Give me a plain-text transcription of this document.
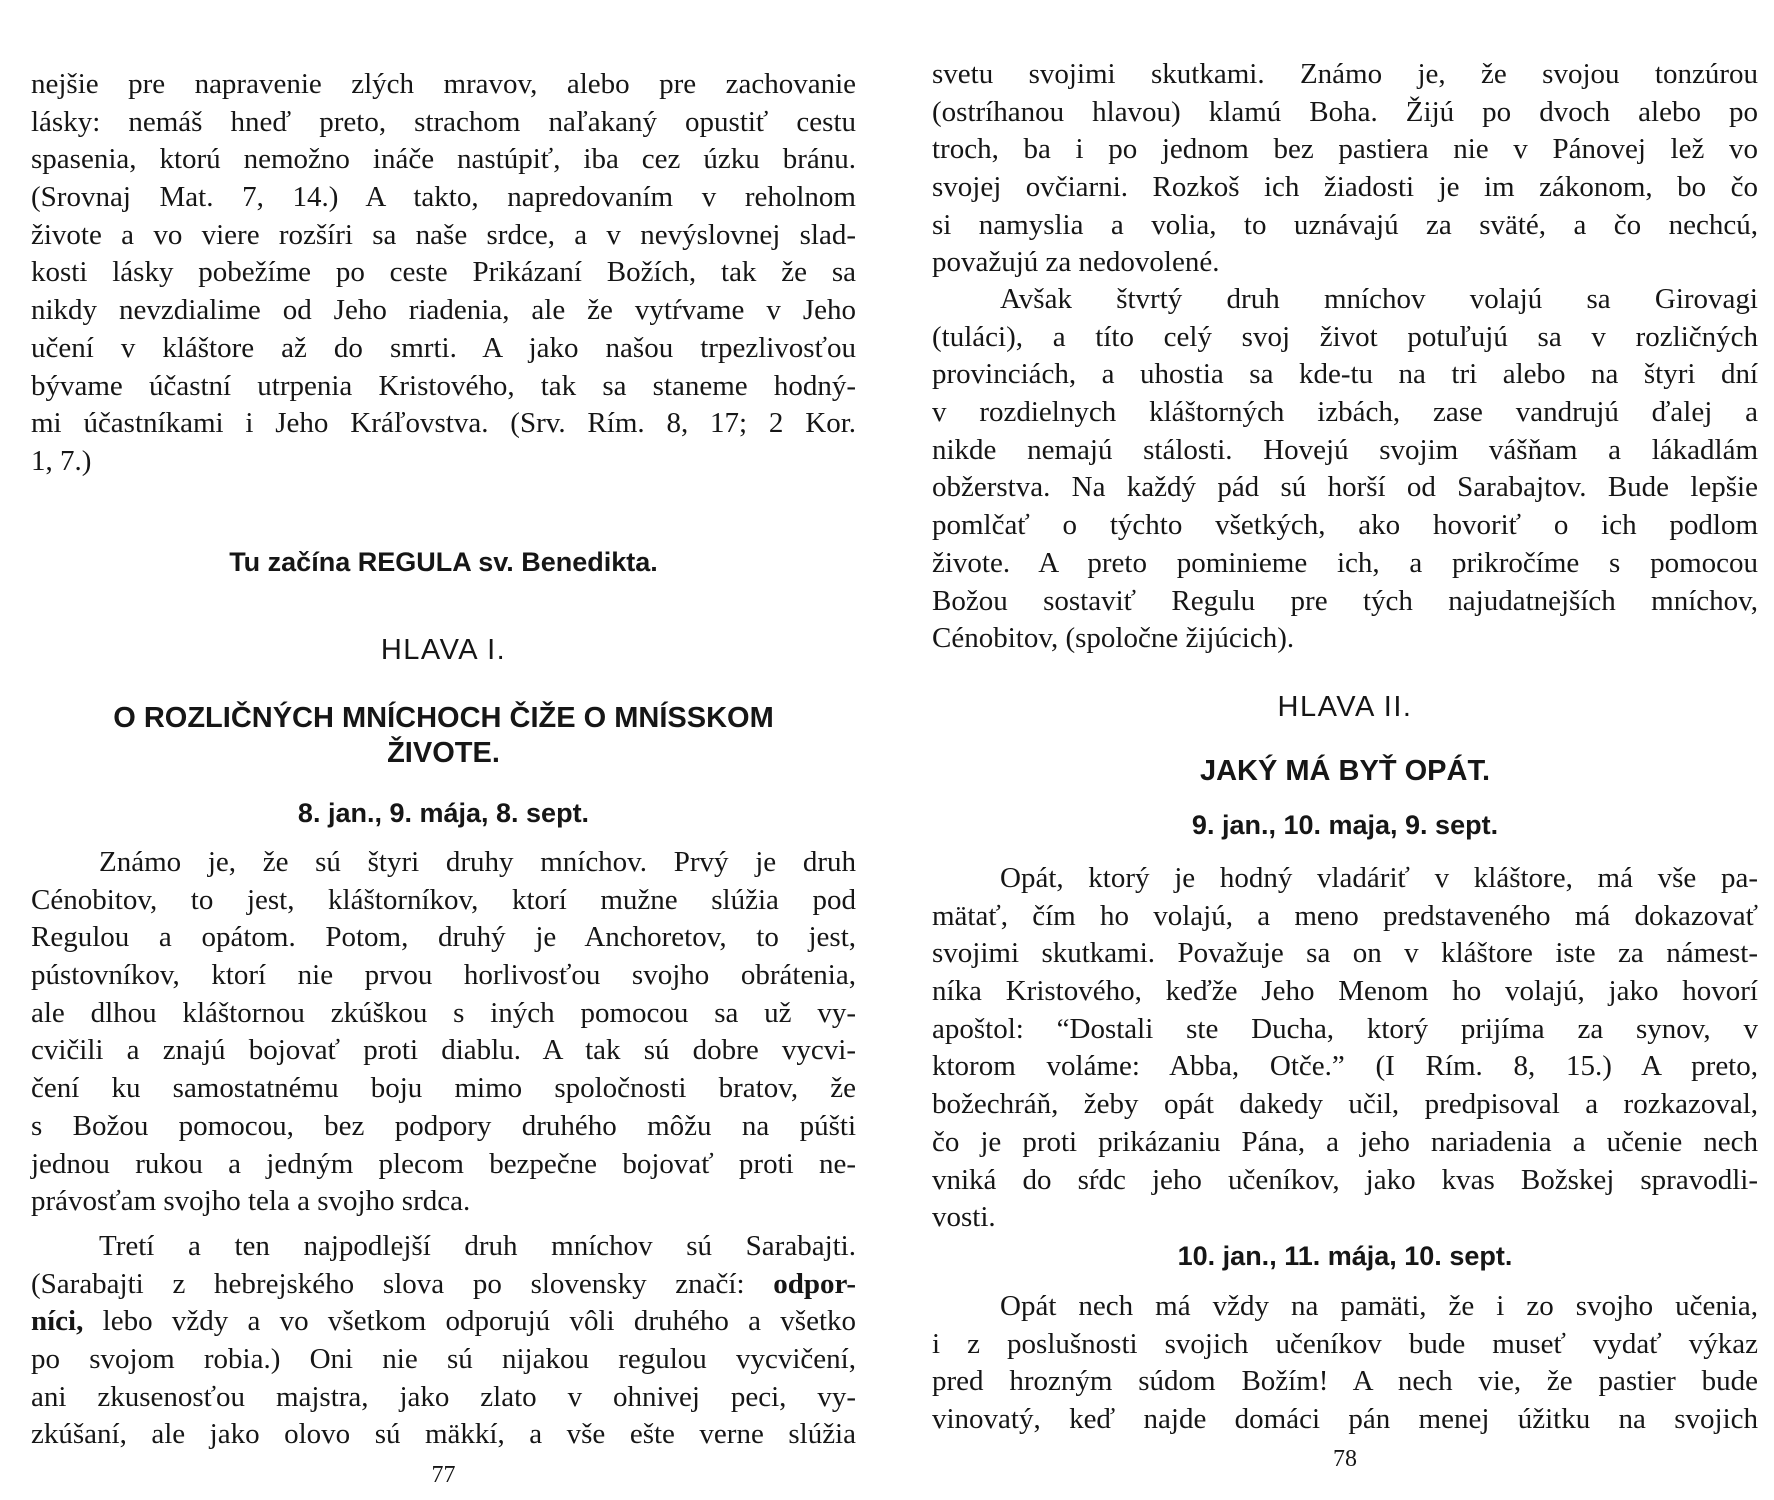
nejšie pre napravenie zlých mravov, alebo pre zachovanie
lásky: nemáš hneď preto, strachom naľakaný opustiť cestu
spasenia, ktorú nemožno ináče nastúpiť, iba cez úzku bránu.
(Srovnaj Mat. 7, 14.) A takto, napredovaním v reholnom
živote a vo viere rozšíri sa naše srdce, a v nevýslovnej slad-
kosti lásky pobežíme po ceste Prikázaní Božích, tak že sa
nikdy nevzdialime od Jeho riadenia, ale že vytŕvame v Jeho
učení v kláštore až do smrti. A jako našou trpezlivosťou
bývame účastní utrpenia Kristového, tak sa staneme hodný-
mi účastníkami i Jeho Kráľovstva. (Srv. Rím. 8, 17; 2 Kor.
1, 7.)
Tu začína REGULA sv. Benedikta.
HLAVA I.
O ROZLIČNÝCH MNÍCHOCH ČIŽE O MNÍSSKOM
ŽIVOTE.
8. jan., 9. mája, 8. sept.
Známo je, že sú štyri druhy mníchov. Prvý je druh
Cénobitov, to jest, kláštorníkov, ktorí mužne slúžia pod
Regulou a opátom. Potom, druhý je Anchoretov, to jest,
pústovníkov, ktorí nie prvou horlivosťou svojho obrátenia,
ale dlhou kláštornou zkúškou s iných pomocou sa už vy-
cvičili a znajú bojovať proti diablu. A tak sú dobre vycvi-
čení ku samostatnému boju mimo spoločnosti bratov, že
s Božou pomocou, bez podpory druhého môžu na púšti
jednou rukou a jedným plecom bezpečne bojovať proti ne-
právosťam svojho tela a svojho srdca.
Tretí a ten najpodlejší druh mníchov sú Sarabajti.
(Sarabajti z hebrejského slova po slovensky značí: odpor-
níci, lebo vždy a vo všetkom odporujú vôli druhého a všetko
po svojom robia.) Oni nie sú nijakou regulou vycvičení,
ani zkusenosťou majstra, jako zlato v ohnivej peci, vy-
zkúšaní, ale jako olovo sú mäkkí, a vše ešte verne slúžia
77
svetu svojimi skutkami. Známo je, že svojou tonzúrou
(ostríhanou hlavou) klamú Boha. Žijú po dvoch alebo po
troch, ba i po jednom bez pastiera nie v Pánovej lež vo
svojej ovčiarni. Rozkoš ich žiadosti je im zákonom, bo čo
si namyslia a volia, to uznávajú za sväté, a čo nechcú,
považujú za nedovolené.
Avšak štvrtý druh mníchov volajú sa Girovagi
(tuláci), a títo celý svoj život potuľujú sa v rozličných
provinciách, a uhostia sa kde-tu na tri alebo na štyri dní
v rozdielnych kláštorných izbách, zase vandrujú ďalej a
nikde nemajú stálosti. Hovejú svojim vášňam a lákadlám
obžerstva. Na každý pád sú horší od Sarabajtov. Bude lepšie
pomlčať o týchto všetkých, ako hovoriť o ich podlom
živote. A preto pominieme ich, a prikročíme s pomocou
Božou sostaviť Regulu pre tých najudatnejších mníchov,
Cénobitov, (spoločne žijúcich).
HLAVA II.
JAKÝ MÁ BYŤ OPÁT.
9. jan., 10. maja, 9. sept.
Opát, ktorý je hodný vladáriť v kláštore, má vše pa-
mätať, čím ho volajú, a meno predstaveného má dokazovať
svojimi skutkami. Považuje sa on v kláštore iste za námest-
níka Kristového, keďže Jeho Menom ho volajú, jako hovorí
apoštol: “Dostali ste Ducha, ktorý prijíma za synov, v
ktorom voláme: Abba, Otče.” (I Rím. 8, 15.) A preto,
božechráň, žeby opát dakedy učil, predpisoval a rozkazoval,
čo je proti prikázaniu Pána, a jeho nariadenia a učenie nech
vniká do sŕdc jeho učeníkov, jako kvas Božskej spravodli-
vosti.
10. jan., 11. mája, 10. sept.
Opát nech má vždy na pamäti, že i zo svojho učenia,
i z poslušnosti svojich učeníkov bude museť vydať výkaz
pred hrozným súdom Božím! A nech vie, že pastier bude
vinovatý, keď najde domáci pán menej úžitku na svojich
78
